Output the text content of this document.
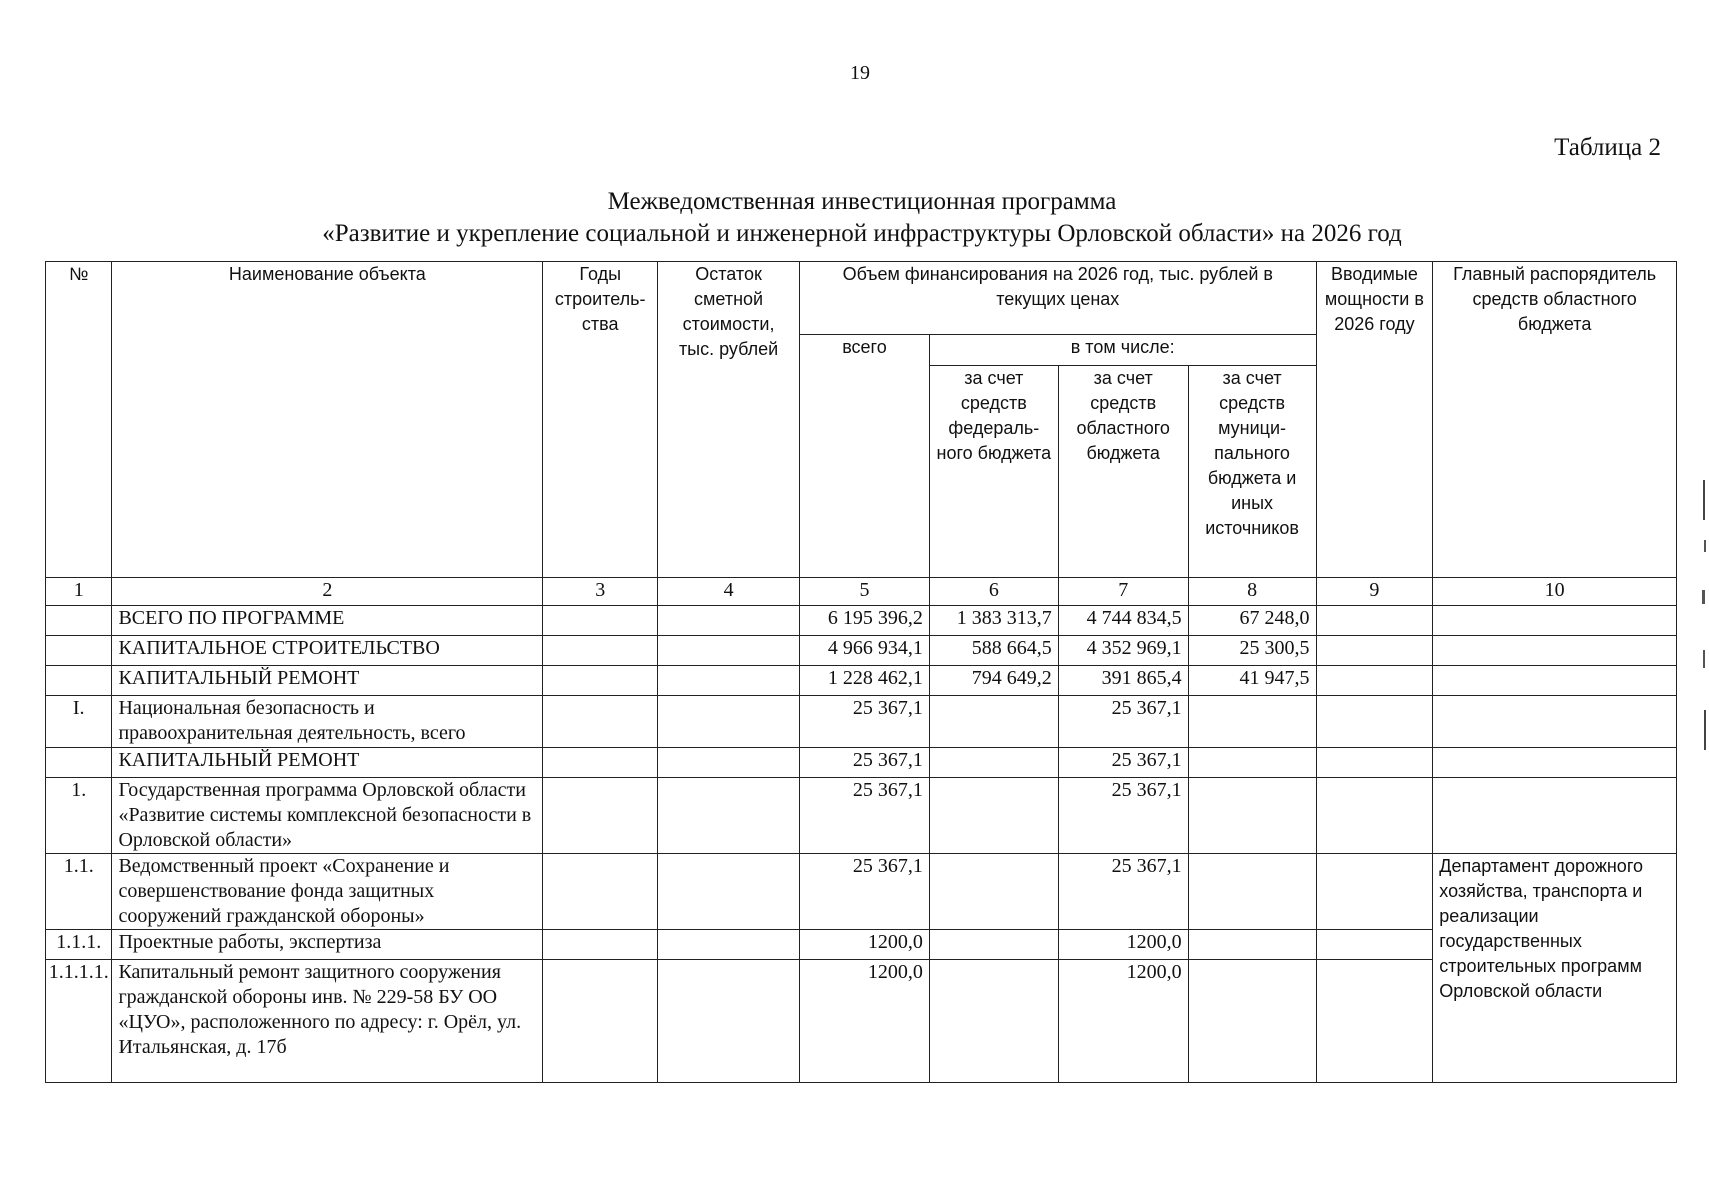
19
Таблица 2
Межведомственная инвестиционная программа
«Развитие и укрепление социальной и инженерной инфраструктуры Орловской области» на 2026 год
№	Наименование объекта	Годы строитель-ства	Остаток сметной стоимости, тыс. рублей	Объем финансирования на 2026 год, тыс. рублей в текущих ценах				Вводимые мощности в 2026 году	Главный распорядитель средств областного бюджета
				всего	в том числе:				
					за счет средств федераль-ного бюджета	за счет средств областного бюджета	за счет средств муници-пального бюджета и иных источников		
1	2	3	4	5	6	7	8	9	10
	ВСЕГО ПО ПРОГРАММЕ			6 195 396,2	1 383 313,7	4 744 834,5	67 248,0		
	КАПИТАЛЬНОЕ СТРОИТЕЛЬСТВО			4 966 934,1	588 664,5	4 352 969,1	25 300,5		
	КАПИТАЛЬНЫЙ РЕМОНТ			1 228 462,1	794 649,2	391 865,4	41 947,5		
I.	Национальная безопасность и правоохранительная деятельность, всего			25 367,1		25 367,1			
	КАПИТАЛЬНЫЙ РЕМОНТ			25 367,1		25 367,1			
1.	Государственная программа Орловской области «Развитие системы комплексной безопасности в Орловской области»			25 367,1		25 367,1			
1.1.	Ведомственный проект «Сохранение и совершенствование фонда защитных сооружений гражданской обороны»			25 367,1		25 367,1			Департамент дорожного хозяйства, транспорта и реализации государственных строительных программ Орловской области
1.1.1.	Проектные работы, экспертиза			1200,0		1200,0			
1.1.1.1.	Капитальный ремонт защитного сооружения гражданской обороны инв. № 229-58 БУ ОО «ЦУО», расположенного по адресу: г. Орёл, ул. Итальянская, д. 17б			1200,0		1200,0			
